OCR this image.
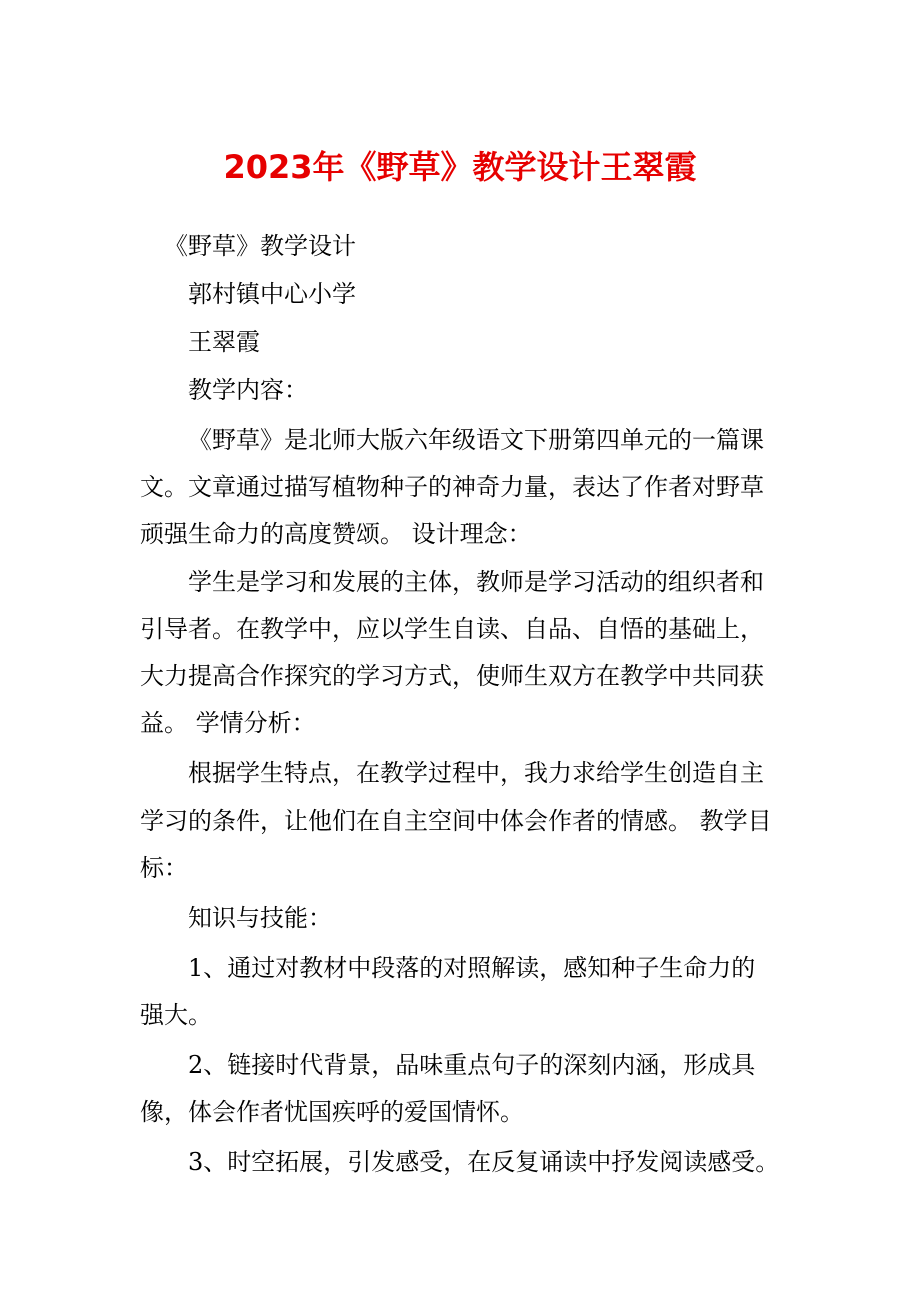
2023年《野草》教学设计王翠霞
《野草》教学设计
郭村镇中心小学
王翠霞
教学内容：
《野草》是北师大版六年级语文下册第四单元的一篇课
文。文章通过描写植物种子的神奇力量，表达了作者对野草
顽强生命力的高度赞颂。 设计理念：
学生是学习和发展的主体，教师是学习活动的组织者和
引导者。在教学中，应以学生自读、自品、自悟的基础上，
大力提高合作探究的学习方式，使师生双方在教学中共同获
益。 学情分析：
根据学生特点，在教学过程中，我力求给学生创造自主
学习的条件，让他们在自主空间中体会作者的情感。 教学目
标：
知识与技能：
1、通过对教材中段落的对照解读，感知种子生命力的
强大。
2、链接时代背景，品味重点句子的深刻内涵，形成具
像，体会作者忧国疾呼的爱国情怀。
3、时空拓展，引发感受，在反复诵读中抒发阅读感受。
